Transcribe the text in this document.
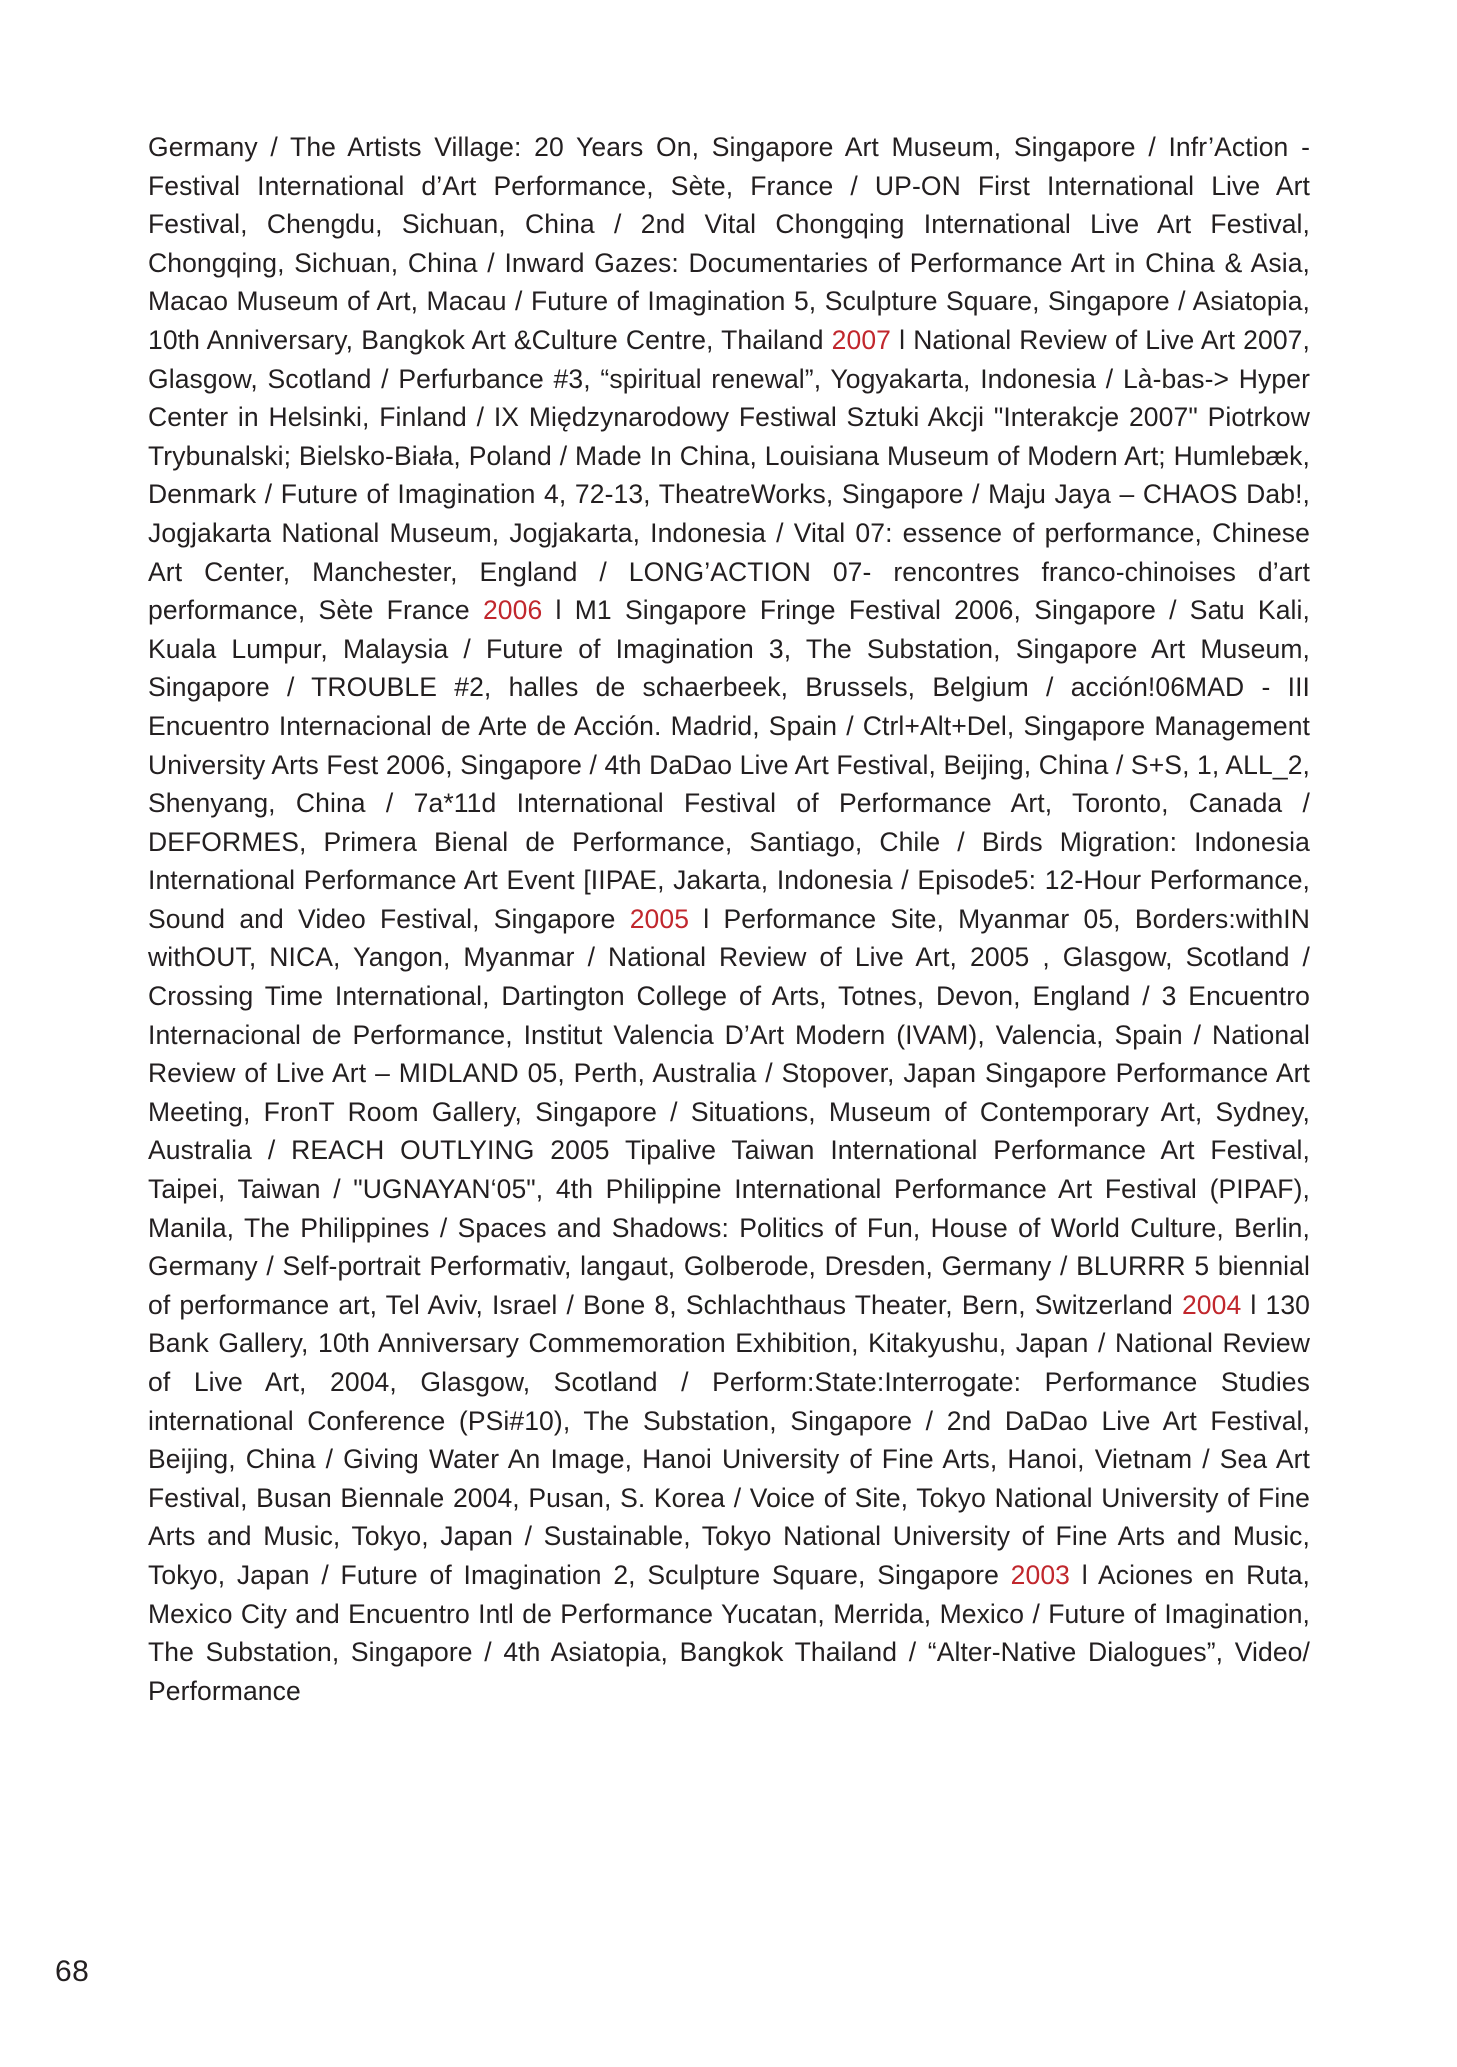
Germany / The Artists Village: 20 Years On, Singapore Art Museum, Singapore / Infr’Action -Festival International d’Art Performance, Sète, France / UP-ON First International Live Art Festival, Chengdu, Sichuan, China / 2nd Vital Chongqing International Live Art Festival, Chongqing, Sichuan, China / Inward Gazes: Documentaries of Performance Art in China & Asia, Macao Museum of Art, Macau / Future of Imagination 5, Sculpture Square, Singapore / Asiatopia, 10th Anniversary, Bangkok Art &Culture Centre, Thailand 2007 l National Review of Live Art 2007, Glasgow, Scotland / Perfurbance #3, “spiritual renewal”, Yogyakarta, Indonesia / Là-bas-> Hyper Center in Helsinki, Finland / IX Międzynarodowy Festiwal Sztuki Akcji "Interakcje 2007" Piotrkow Trybunalski; Bielsko-Biała, Poland / Made In China, Louisiana Museum of Modern Art; Humlebæk, Denmark / Future of Imagination 4, 72-13, TheatreWorks, Singapore / Maju Jaya – CHAOS Dab!, Jogjakarta National Museum, Jogjakarta, Indonesia / Vital 07: essence of performance, Chinese Art Center, Manchester, England / LONG’ACTION 07- rencontres franco-chinoises d’art performance, Sète France 2006 l M1 Singapore Fringe Festival 2006, Singapore / Satu Kali, Kuala Lumpur, Malaysia / Future of Imagination 3, The Substation, Singapore Art Museum, Singapore / TROUBLE #2, halles de schaerbeek, Brussels, Belgium / acción!06MAD - III Encuentro Internacional de Arte de Acción. Madrid, Spain / Ctrl+Alt+Del, Singapore Management University Arts Fest 2006, Singapore / 4th DaDao Live Art Festival, Beijing, China / S+S, 1, ALL_2, Shenyang, China / 7a*11d International Festival of Performance Art, Toronto, Canada / DEFORMES, Primera Bienal de Performance, Santiago, Chile / Birds Migration: Indonesia International Performance Art Event [IIPAE, Jakarta, Indonesia / Episode5: 12-Hour Performance, Sound and Video Festival, Singapore 2005 l Performance Site, Myanmar 05, Borders:withIN withOUT, NICA, Yangon, Myanmar / National Review of Live Art, 2005 , Glasgow, Scotland / Crossing Time International, Dartington College of Arts, Totnes, Devon, England / 3 Encuentro Internacional de Performance, Institut Valencia D’Art Modern (IVAM), Valencia, Spain / National Review of Live Art – MIDLAND 05, Perth, Australia / Stopover, Japan Singapore Performance Art Meeting, FronT Room Gallery, Singapore / Situations, Museum of Contemporary Art, Sydney, Australia / REACH OUTLYING 2005 Tipalive Taiwan International Performance Art Festival, Taipei, Taiwan / "UGNAYAN‘05", 4th Philippine International Performance Art Festival (PIPAF), Manila, The Philippines / Spaces and Shadows: Politics of Fun, House of World Culture, Berlin, Germany / Self-portrait Performativ, langaut, Golberode, Dresden, Germany / BLURRR 5 biennial of performance art, Tel Aviv, Israel / Bone 8, Schlachthaus Theater, Bern, Switzerland 2004 l 130 Bank Gallery, 10th Anniversary Commemoration Exhibition, Kitakyushu, Japan / National Review of Live Art, 2004, Glasgow, Scotland / Perform:State:Interrogate: Performance Studies international Conference (PSi#10), The Substation, Singapore / 2nd DaDao Live Art Festival, Beijing, China / Giving Water An Image, Hanoi University of Fine Arts, Hanoi, Vietnam / Sea Art Festival, Busan Biennale 2004, Pusan, S. Korea / Voice of Site, Tokyo National University of Fine Arts and Music, Tokyo, Japan / Sustainable, Tokyo National University of Fine Arts and Music, Tokyo, Japan / Future of Imagination 2, Sculpture Square, Singapore 2003 l Aciones en Ruta, Mexico City and Encuentro Intl de Performance Yucatan, Merrida, Mexico / Future of Imagination, The Substation, Singapore / 4th Asiatopia, Bangkok Thailand / “Alter-Native Dialogues”, Video/ Performance
68
